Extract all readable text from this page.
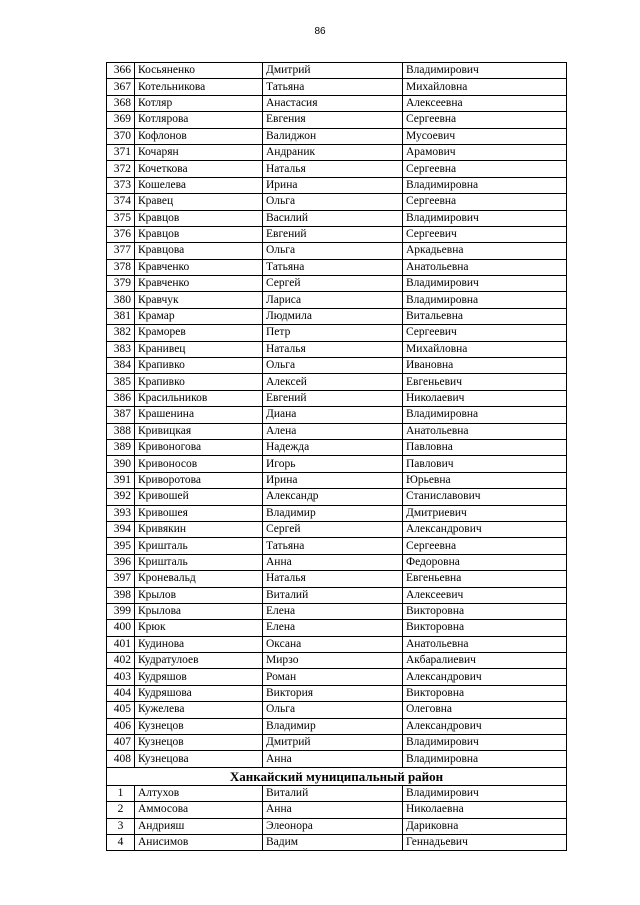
86
366	Косьяненко	Дмитрий	Владимирович
367	Котельникова	Татьяна	Михайловна
368	Котляр	Анастасия	Алексеевна
369	Котлярова	Евгения	Сергеевна
370	Кофлонов	Валиджон	Мусоевич
371	Кочарян	Андраник	Арамович
372	Кочеткова	Наталья	Сергеевна
373	Кошелева	Ирина	Владимировна
374	Кравец	Ольга	Сергеевна
375	Кравцов	Василий	Владимирович
376	Кравцов	Евгений	Сергеевич
377	Кравцова	Ольга	Аркадьевна
378	Кравченко	Татьяна	Анатольевна
379	Кравченко	Сергей	Владимирович
380	Кравчук	Лариса	Владимировна
381	Крамар	Людмила	Витальевна
382	Краморев	Петр	Сергеевич
383	Кранивец	Наталья	Михайловна
384	Крапивко	Ольга	Ивановна
385	Крапивко	Алексей	Евгеньевич
386	Красильников	Евгений	Николаевич
387	Крашенина	Диана	Владимировна
388	Кривицкая	Алена	Анатольевна
389	Кривоногова	Надежда	Павловна
390	Кривоносов	Игорь	Павлович
391	Криворотова	Ирина	Юрьевна
392	Кривошей	Александр	Станиславович
393	Кривошея	Владимир	Дмитриевич
394	Кривякин	Сергей	Александрович
395	Кришталь	Татьяна	Сергеевна
396	Кришталь	Анна	Федоровна
397	Кроневальд	Наталья	Евгеньевна
398	Крылов	Виталий	Алексеевич
399	Крылова	Елена	Викторовна
400	Крюк	Елена	Викторовна
401	Кудинова	Оксана	Анатольевна
402	Кудратулоев	Мирзо	Акбаралиевич
403	Кудряшов	Роман	Александрович
404	Кудряшова	Виктория	Викторовна
405	Кужелева	Ольга	Олеговна
406	Кузнецов	Владимир	Александрович
407	Кузнецов	Дмитрий	Владимирович
408	Кузнецова	Анна	Владимировна
Ханкайский муниципальный район			
1	Алтухов	Виталий	Владимирович
2	Аммосова	Анна	Николаевна
3	Андрияш	Элеонора	Дариковна
4	Анисимов	Вадим	Геннадьевич
